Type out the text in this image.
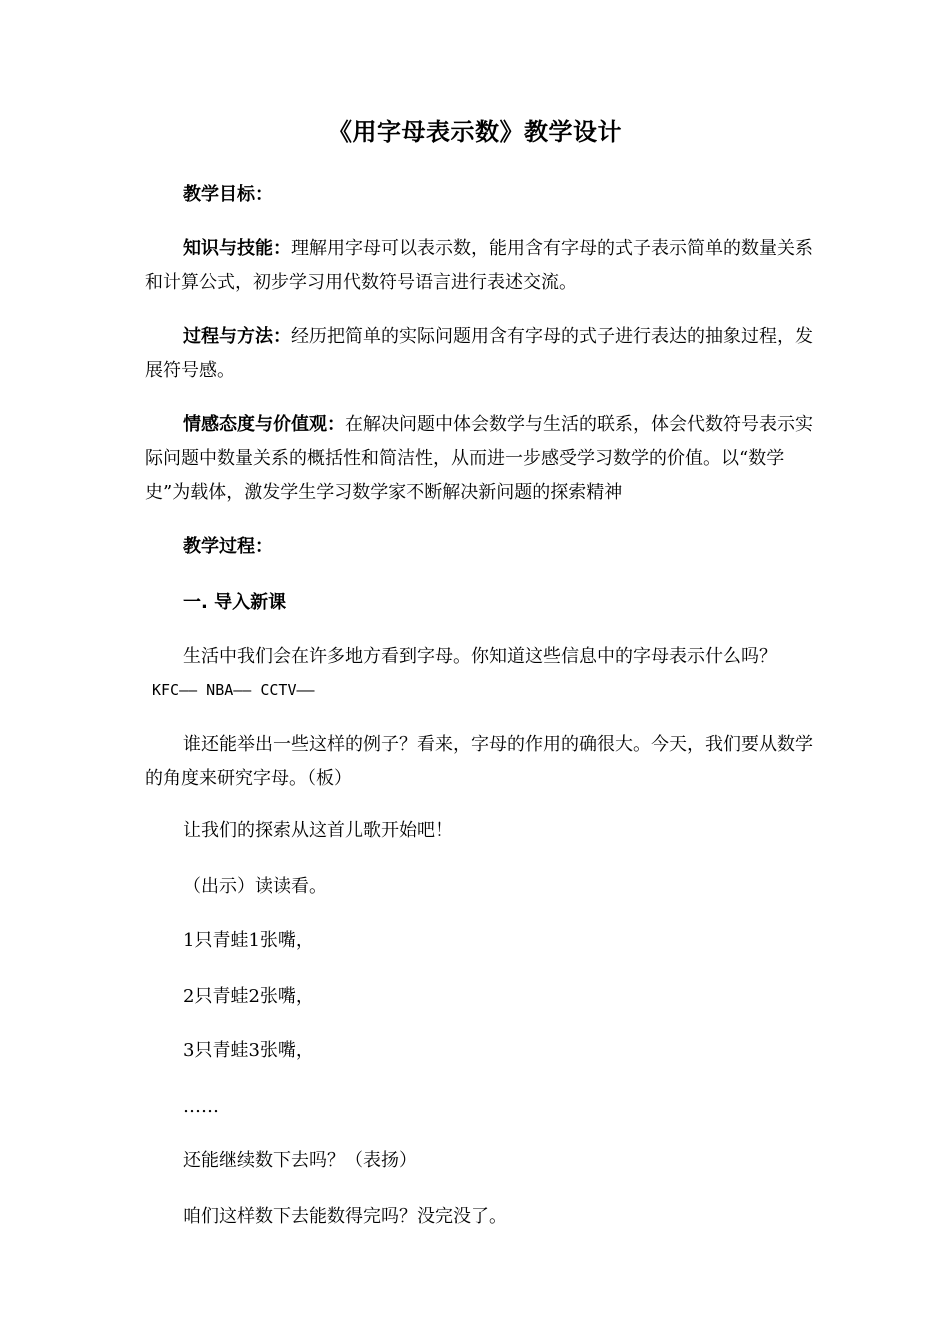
《用字母表示数》教学设计

教学目标：

知识与技能：理解用字母可以表示数，能用含有字母的式子表示简单的数量关系和计算公式，初步学习用代数符号语言进行表述交流。

过程与方法：经历把简单的实际问题用含有字母的式子进行表达的抽象过程，发展符号感。

情感态度与价值观：在解决问题中体会数学与生活的联系，体会代数符号表示实际问题中数量关系的概括性和简洁性，从而进一步感受学习数学的价值。以“数学史”为载体，激发学生学习数学家不断解决新问题的探索精神

教学过程：

一. 导入新课

生活中我们会在许多地方看到字母。你知道这些信息中的字母表示什么吗？

KFC—— NBA—— CCTV——

谁还能举出一些这样的例子？看来，字母的作用的确很大。今天，我们要从数学的角度来研究字母。（板）

让我们的探索从这首儿歌开始吧！

（出示）读读看。

1只青蛙1张嘴，

2只青蛙2张嘴，

3只青蛙3张嘴，

……

还能继续数下去吗？（表扬）

咱们这样数下去能数得完吗？没完没了。
